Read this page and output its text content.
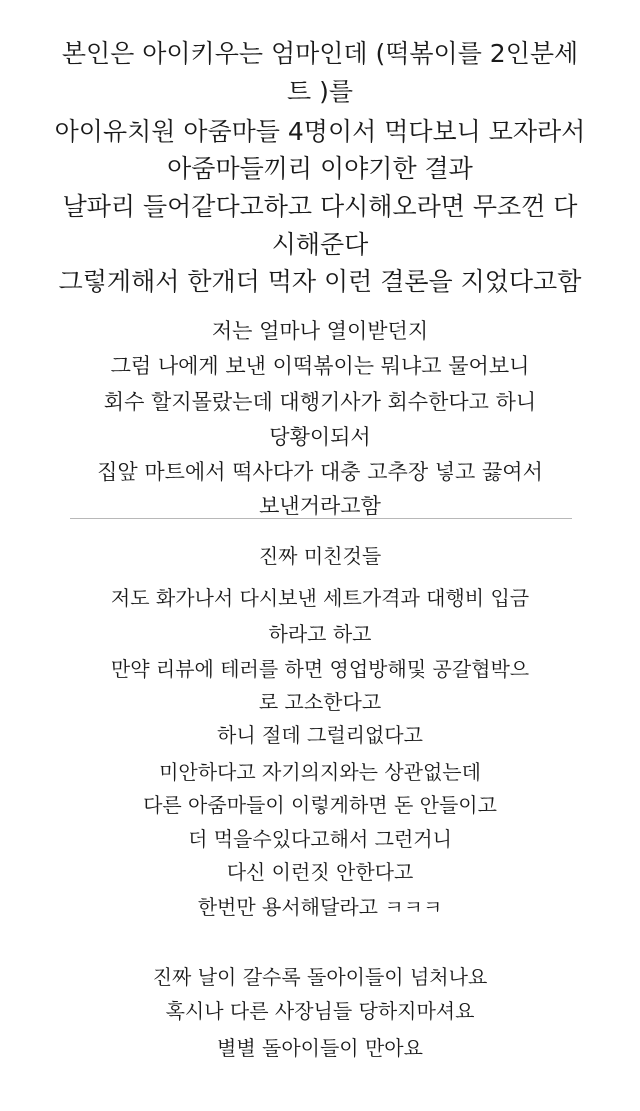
본인은 아이키우는 엄마인데 (떡볶이를 2인분세
트 )를
아이유치원 아줌마들 4명이서 먹다보니 모자라서
아줌마들끼리 이야기한 결과
날파리 들어같다고하고 다시해오라면 무조껀 다
시해준다
그렇게해서 한개더 먹자 이런 결론을 지었다고함
저는 얼마나 열이받던지
그럼 나에게 보낸 이떡볶이는 뭐냐고 물어보니
회수 할지몰랐는데 대행기사가 회수한다고 하니
당황이되서
집앞 마트에서 떡사다가 대충 고추장 넣고 끓여서
보낸거라고함
진짜 미친것들
저도 화가나서 다시보낸 세트가격과 대행비 입금
하라고 하고
만약 리뷰에 테러를 하면 영업방해및 공갈협박으
로 고소한다고
하니 절데 그럴리없다고
미안하다고 자기의지와는 상관없는데
다른 아줌마들이 이렇게하면 돈 안들이고
더 먹을수있다고해서 그런거니
다신 이런짓 안한다고
한번만 용서해달라고 ㅋㅋㅋ
진짜 날이 갈수록 돌아이들이 넘처나요
혹시나 다른 사장님들 당하지마셔요
별별 돌아이들이 만아요
